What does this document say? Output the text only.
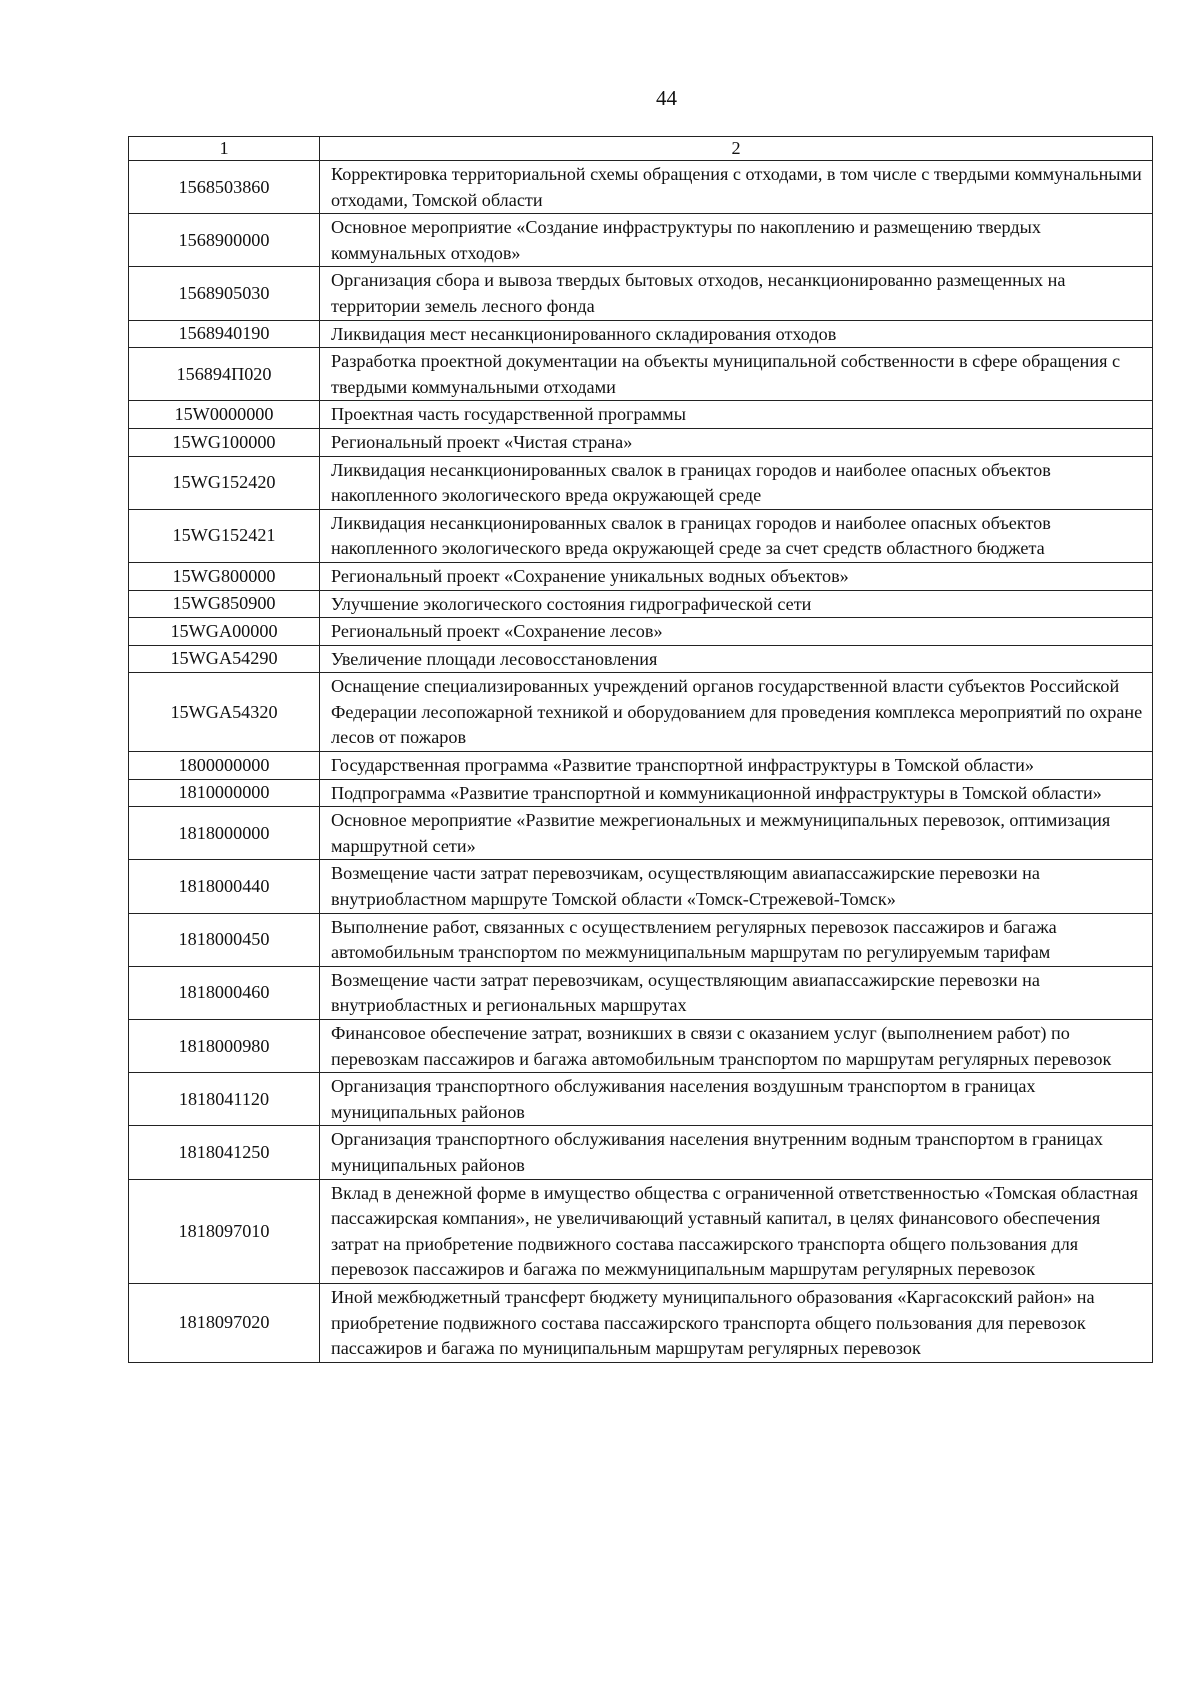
44
1	2
1568503860	Корректировка территориальной схемы обращения с отходами, в том числе с твердыми коммунальными отходами, Томской области
1568900000	Основное мероприятие «Создание инфраструктуры по накоплению и размещению твердых коммунальных отходов»
1568905030	Организация сбора и вывоза твердых бытовых отходов, несанкционированно размещенных на территории земель лесного фонда
1568940190	Ликвидация мест несанкционированного складирования отходов
156894П020	Разработка проектной документации на объекты муниципальной собственности в сфере обращения с твердыми коммунальными отходами
15W0000000	Проектная часть государственной программы
15WG100000	Региональный проект «Чистая страна»
15WG152420	Ликвидация несанкционированных свалок в границах городов и наиболее опасных объектов накопленного экологического вреда окружающей среде
15WG152421	Ликвидация несанкционированных свалок в границах городов и наиболее опасных объектов накопленного экологического вреда окружающей среде за счет средств областного бюджета
15WG800000	Региональный проект «Сохранение уникальных водных объектов»
15WG850900	Улучшение экологического состояния гидрографической сети
15WGA00000	Региональный проект «Сохранение лесов»
15WGA54290	Увеличение площади лесовосстановления
15WGA54320	Оснащение специализированных учреждений органов государственной власти субъектов Российской Федерации лесопожарной техникой и оборудованием для проведения комплекса мероприятий по охране лесов от пожаров
1800000000	Государственная программа «Развитие транспортной инфраструктуры в Томской области»
1810000000	Подпрограмма «Развитие транспортной и коммуникационной инфраструктуры в Томской области»
1818000000	Основное мероприятие «Развитие межрегиональных и межмуниципальных перевозок, оптимизация маршрутной сети»
1818000440	Возмещение части затрат перевозчикам, осуществляющим авиапассажирские перевозки на внутриобластном маршруте Томской области «Томск-Стрежевой-Томск»
1818000450	Выполнение работ, связанных с осуществлением регулярных перевозок пассажиров и багажа автомобильным транспортом по межмуниципальным маршрутам по регулируемым тарифам
1818000460	Возмещение части затрат перевозчикам, осуществляющим авиапассажирские перевозки на внутриобластных и региональных маршрутах
1818000980	Финансовое обеспечение затрат, возникших в связи с оказанием услуг (выполнением работ) по перевозкам пассажиров и багажа автомобильным транспортом по маршрутам регулярных перевозок
1818041120	Организация транспортного обслуживания населения воздушным транспортом в границах муниципальных районов
1818041250	Организация транспортного обслуживания населения внутренним водным транспортом в границах муниципальных районов
1818097010	Вклад в денежной форме в имущество общества с ограниченной ответственностью «Томская областная пассажирская компания», не увеличивающий уставный капитал, в целях финансового обеспечения затрат на приобретение подвижного состава пассажирского транспорта общего пользования для перевозок пассажиров и багажа по межмуниципальным маршрутам регулярных перевозок
1818097020	Иной межбюджетный трансферт бюджету муниципального образования «Каргасокский район» на приобретение подвижного состава пассажирского транспорта общего пользования для перевозок пассажиров и багажа по муниципальным маршрутам регулярных перевозок
